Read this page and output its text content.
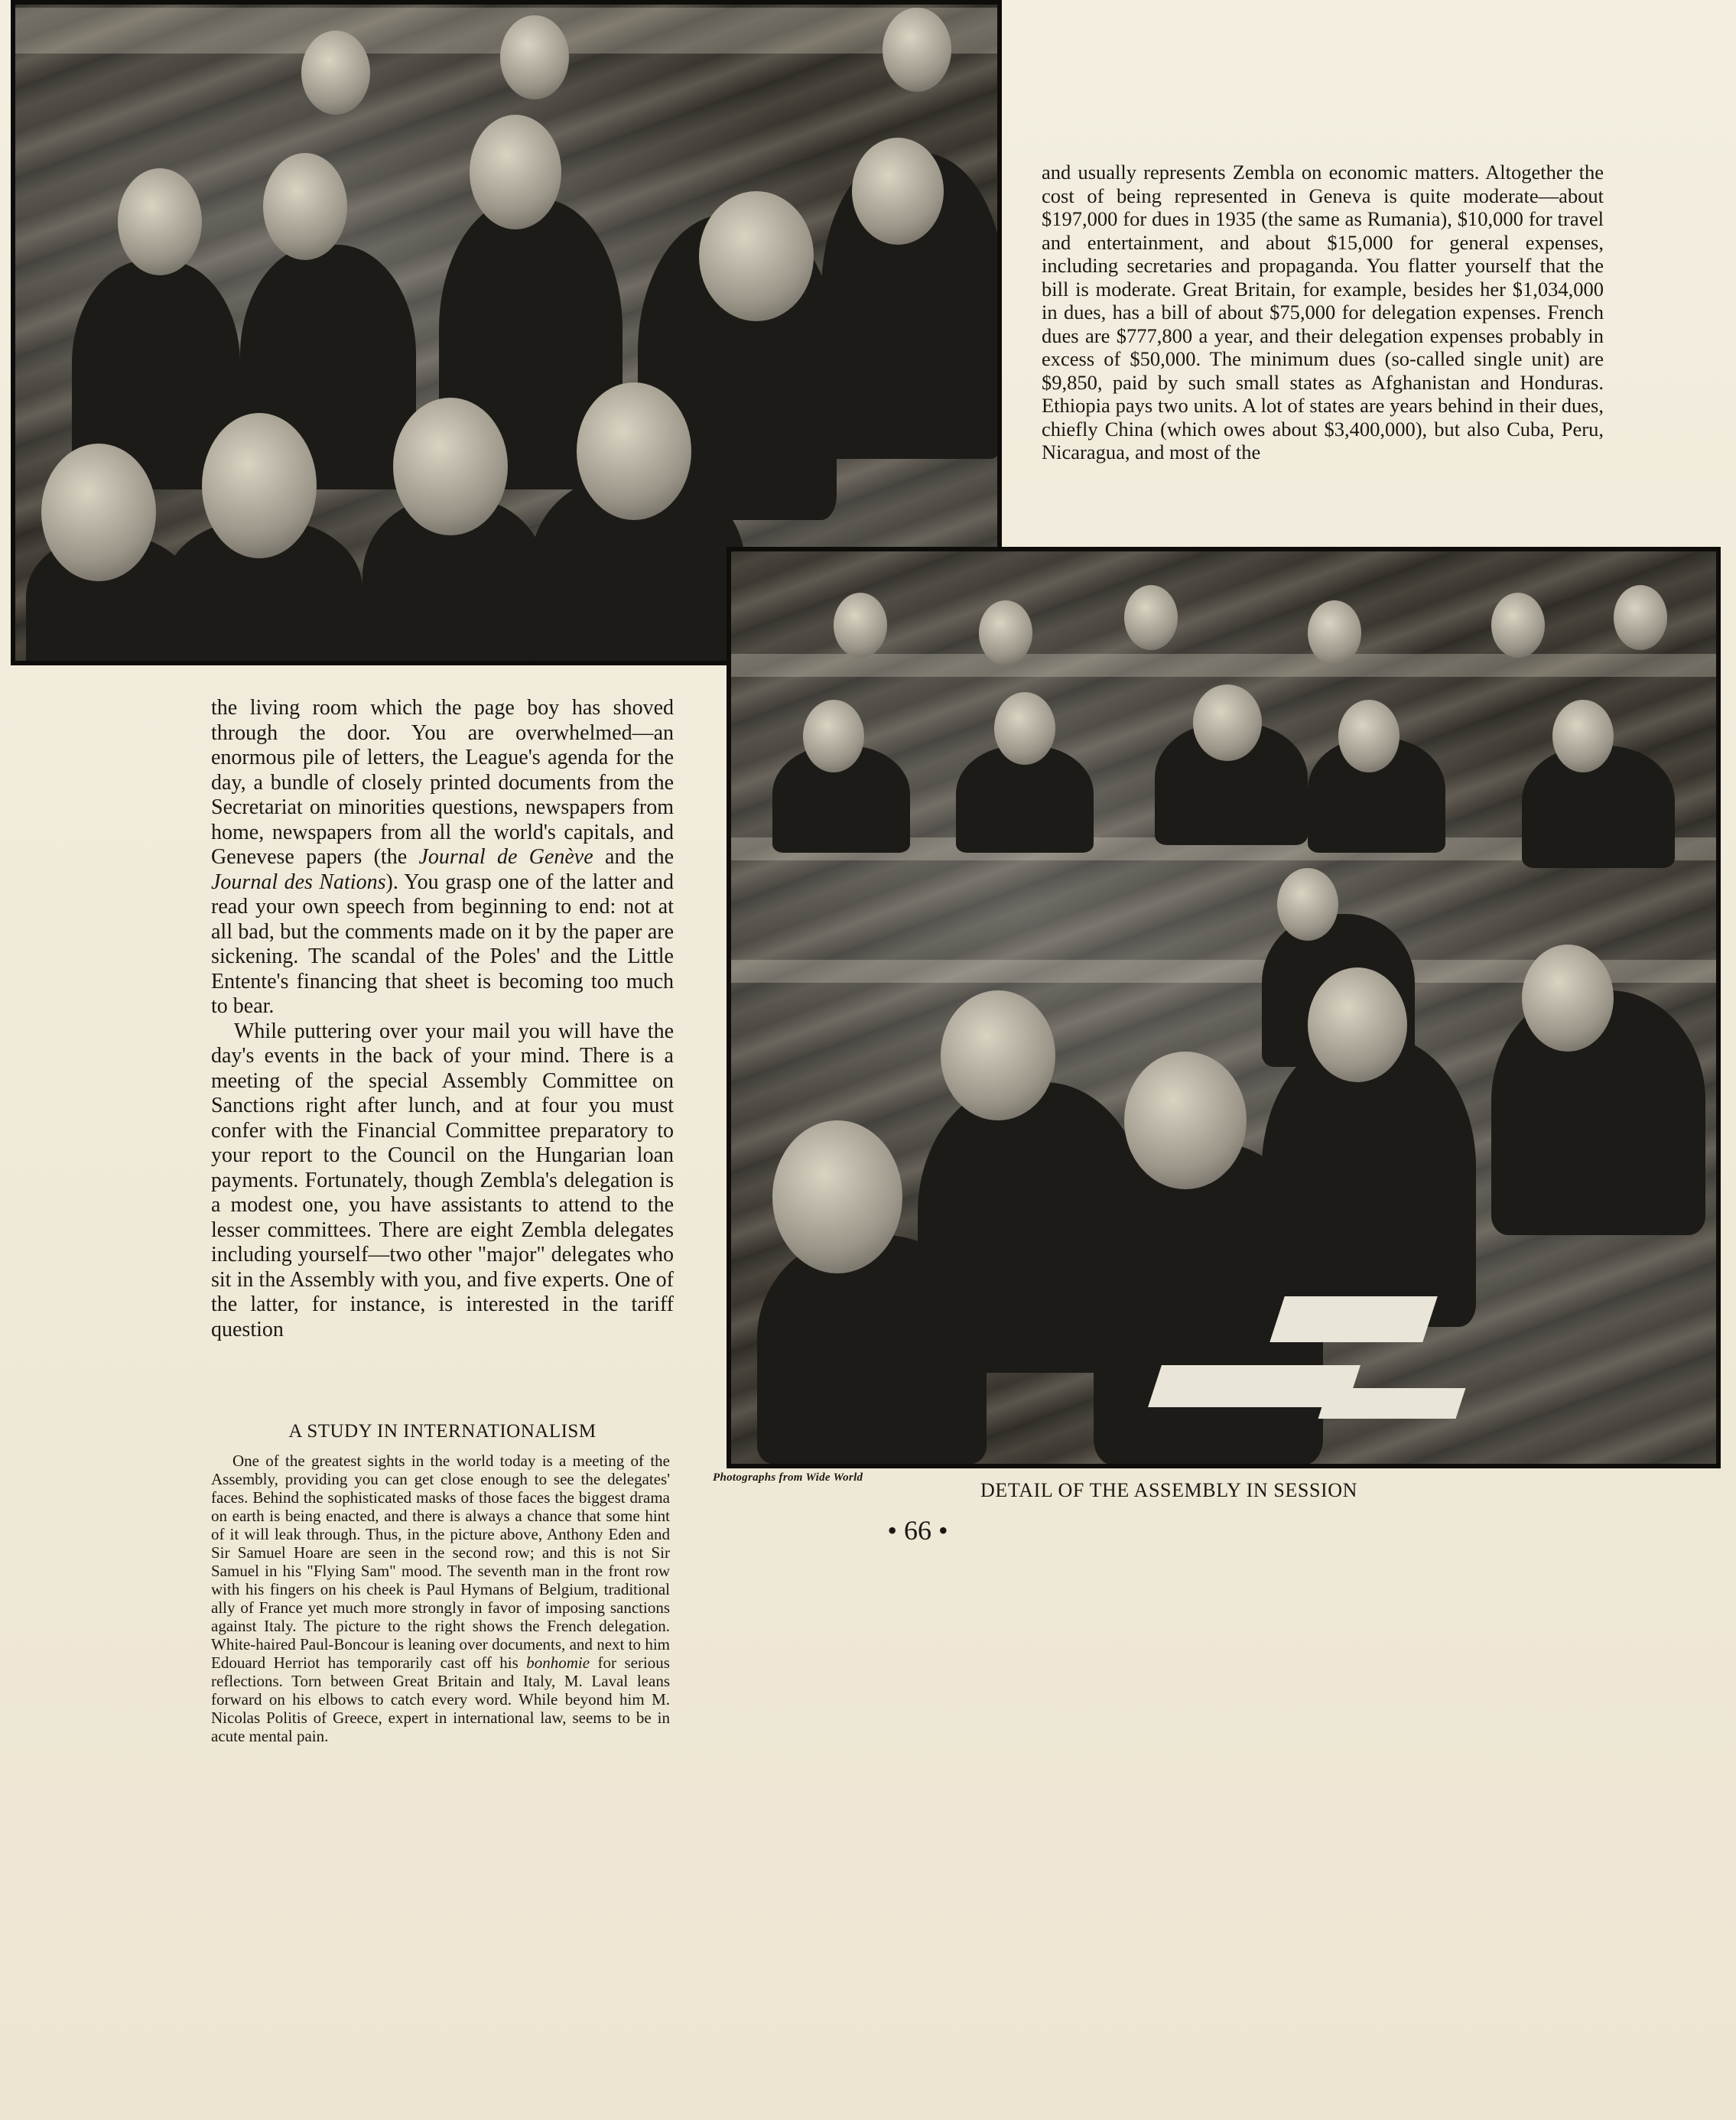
and usually represents Zembla on economic matters. Altogether the cost of being represented in Geneva is quite moderate—about $197,000 for dues in 1935 (the same as Rumania), $10,000 for travel and entertainment, and about $15,000 for general expenses, including secretaries and propaganda. You flatter yourself that the bill is moderate. Great Britain, for example, besides her $1,034,000 in dues, has a bill of about $75,000 for delegation expenses. French dues are $777,800 a year, and their delegation expenses probably in excess of $50,000. The minimum dues (so-called single unit) are $9,850, paid by such small states as Afghanistan and Honduras. Ethiopia pays two units. A lot of states are years behind in their dues, chiefly China (which owes about $3,400,000), but also Cuba, Peru, Nicaragua, and most of the

the living room which the page boy has shoved through the door. You are overwhelmed—an enormous pile of letters, the League's agenda for the day, a bundle of closely printed documents from the Secretariat on minorities questions, newspapers from home, newspapers from all the world's capitals, and Genevese papers (the Journal de Genève and the Journal des Nations). You grasp one of the latter and read your own speech from beginning to end: not at all bad, but the comments made on it by the paper are sickening. The scandal of the Poles' and the Little Entente's financing that sheet is becoming too much to bear.

While puttering over your mail you will have the day's events in the back of your mind. There is a meeting of the special Assembly Committee on Sanctions right after lunch, and at four you must confer with the Financial Committee preparatory to your report to the Council on the Hungarian loan payments. Fortunately, though Zembla's delegation is a modest one, you have assistants to attend to the lesser committees. There are eight Zembla delegates including yourself—two other "major" delegates who sit in the Assembly with you, and five experts. One of the latter, for instance, is interested in the tariff question

A STUDY IN INTERNATIONALISM

One of the greatest sights in the world today is a meeting of the Assembly, providing you can get close enough to see the delegates' faces. Behind the sophisticated masks of those faces the biggest drama on earth is being enacted, and there is always a chance that some hint of it will leak through. Thus, in the picture above, Anthony Eden and Sir Samuel Hoare are seen in the second row; and this is not Sir Samuel in his "Flying Sam" mood. The seventh man in the front row with his fingers on his cheek is Paul Hymans of Belgium, traditional ally of France yet much more strongly in favor of imposing sanctions against Italy. The picture to the right shows the French delegation. White-haired Paul-Boncour is leaning over documents, and next to him Edouard Herriot has temporarily cast off his bonhomie for serious reflections. Torn between Great Britain and Italy, M. Laval leans forward on his elbows to catch every word. While beyond him M. Nicolas Politis of Greece, expert in international law, seems to be in acute mental pain.

Photographs from Wide World
DETAIL OF THE ASSEMBLY IN SESSION
• 66 •
